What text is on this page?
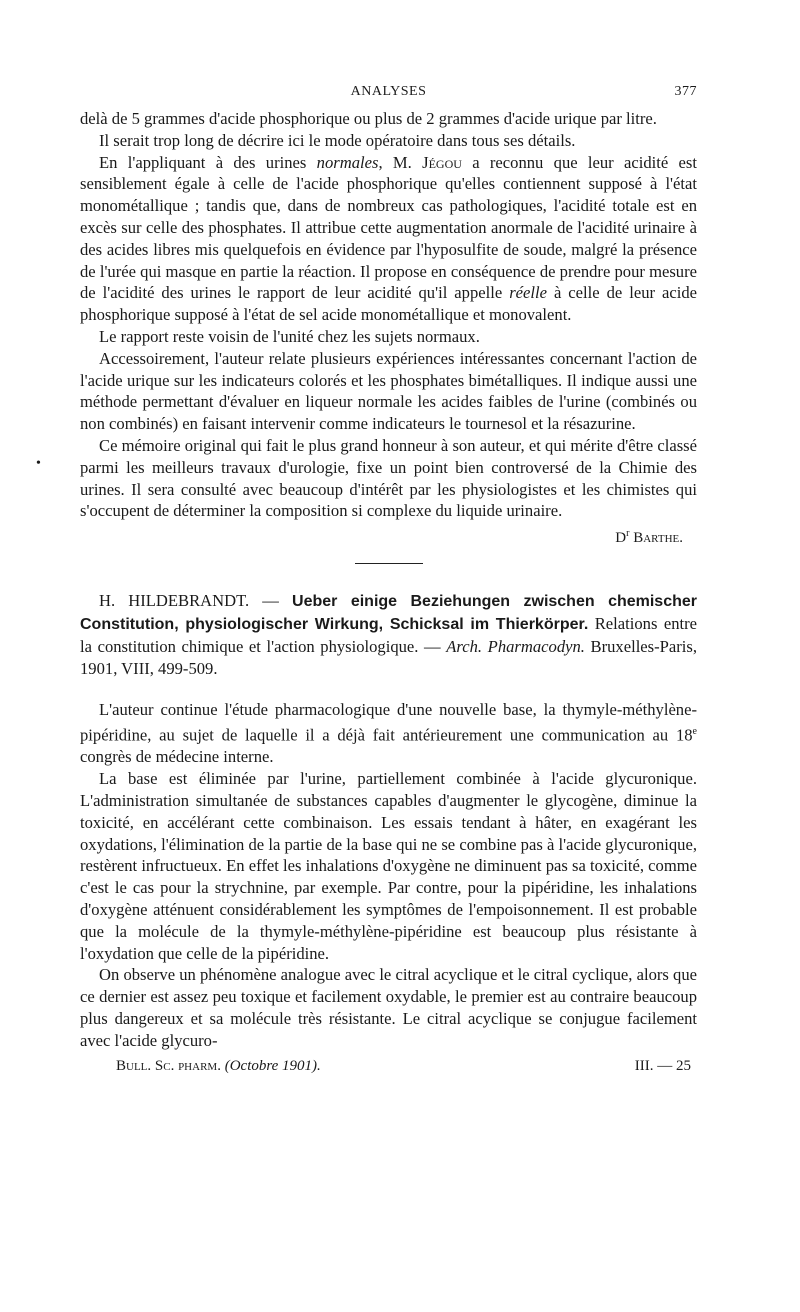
•
ANALYSES	377

delà de 5 grammes d'acide phosphorique ou plus de 2 grammes d'acide urique par litre.

Il serait trop long de décrire ici le mode opératoire dans tous ses détails.

En l'appliquant à des urines normales, M. Jégou a reconnu que leur acidité est sensiblement égale à celle de l'acide phosphorique qu'elles contiennent supposé à l'état monométallique ; tandis que, dans de nombreux cas pathologiques, l'acidité totale est en excès sur celle des phosphates. Il attribue cette augmentation anormale de l'acidité urinaire à des acides libres mis quelquefois en évidence par l'hyposulfite de soude, malgré la présence de l'urée qui masque en partie la réaction. Il propose en conséquence de prendre pour mesure de l'acidité des urines le rapport de leur acidité qu'il appelle réelle à celle de leur acide phosphorique supposé à l'état de sel acide monométallique et monovalent.

Le rapport reste voisin de l'unité chez les sujets normaux.

Accessoirement, l'auteur relate plusieurs expériences intéressantes concernant l'action de l'acide urique sur les indicateurs colorés et les phosphates bimétalliques. Il indique aussi une méthode permettant d'évaluer en liqueur normale les acides faibles de l'urine (combinés ou non combinés) en faisant intervenir comme indicateurs le tournesol et la résazurine.

Ce mémoire original qui fait le plus grand honneur à son auteur, et qui mérite d'être classé parmi les meilleurs travaux d'urologie, fixe un point bien controversé de la Chimie des urines. Il sera consulté avec beaucoup d'intérêt par les physiologistes et les chimistes qui s'occupent de déterminer la composition si complexe du liquide urinaire.

$D^r$ Barthe.

H. HILDEBRANDT. — Ueber einige Beziehungen zwischen chemischer Constitution, physiologischer Wirkung, Schicksal im Thierkörper. Relations entre la constitution chimique et l'action physiologique. — Arch. Pharmacodyn. Bruxelles-Paris, 1901, VIII, 499-509.

L'auteur continue l'étude pharmacologique d'une nouvelle base, la thymyle-méthylène-pipéridine, au sujet de laquelle il a déjà fait antérieurement une communication au 18e congrès de médecine interne.

La base est éliminée par l'urine, partiellement combinée à l'acide glycuronique. L'administration simultanée de substances capables d'augmenter le glycogène, diminue la toxicité, en accélérant cette combinaison. Les essais tendant à hâter, en exagérant les oxydations, l'élimination de la partie de la base qui ne se combine pas à l'acide glycuronique, restèrent infructueux. En effet les inhalations d'oxygène ne diminuent pas sa toxicité, comme c'est le cas pour la strychnine, par exemple. Par contre, pour la pipéridine, les inhalations d'oxygène atténuent considérablement les symptômes de l'empoisonnement. Il est probable que la molécule de la thymyle-méthylène-pipéridine est beaucoup plus résistante à l'oxydation que celle de la pipéridine.

On observe un phénomène analogue avec le citral acyclique et le citral cyclique, alors que ce dernier est assez peu toxique et facilement oxydable, le premier est au contraire beaucoup plus dangereux et sa molécule très résistante. Le citral acyclique se conjugue facilement avec l'acide glycuro-

Bull. Sc. pharm. (Octobre 1901).	III. — 25
